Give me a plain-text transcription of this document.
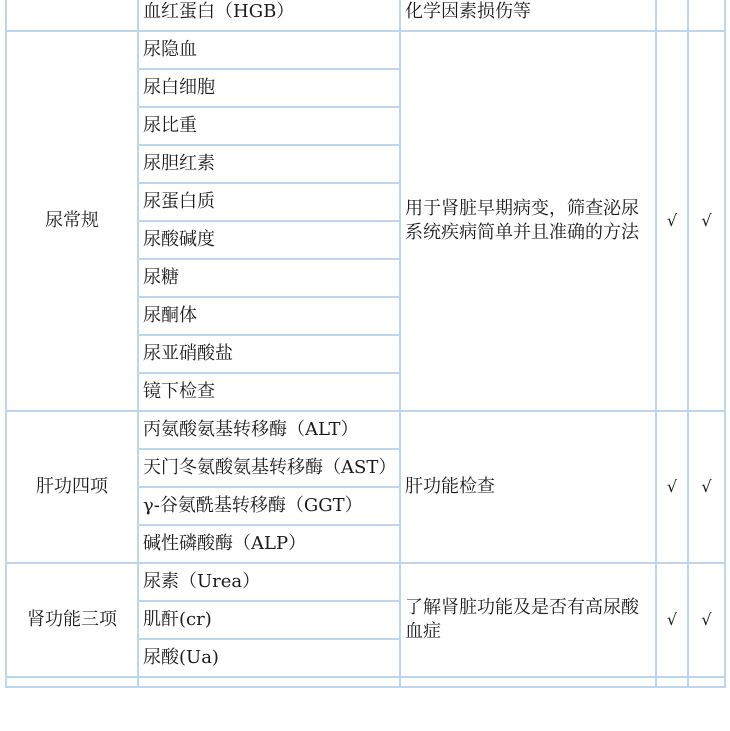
	血红蛋白（HGB）	化学因素损伤等		
尿常规	尿隐血	用于肾脏早期病变，筛查泌尿系统疾病简单并且准确的方法	√	√
	尿白细胞			
	尿比重			
	尿胆红素			
	尿蛋白质			
	尿酸碱度			
	尿糖			
	尿酮体			
	尿亚硝酸盐			
	镜下检查			
肝功四项	丙氨酸氨基转移酶（ALT）	肝功能检查	√	√
	天门冬氨酸氨基转移酶（AST）			
	γ-谷氨酰基转移酶（GGT）			
	碱性磷酸酶（ALP）			
肾功能三项	尿素（Urea）	了解肾脏功能及是否有高尿酸血症	√	√
	肌酐(cr)			
	尿酸(Ua)			
